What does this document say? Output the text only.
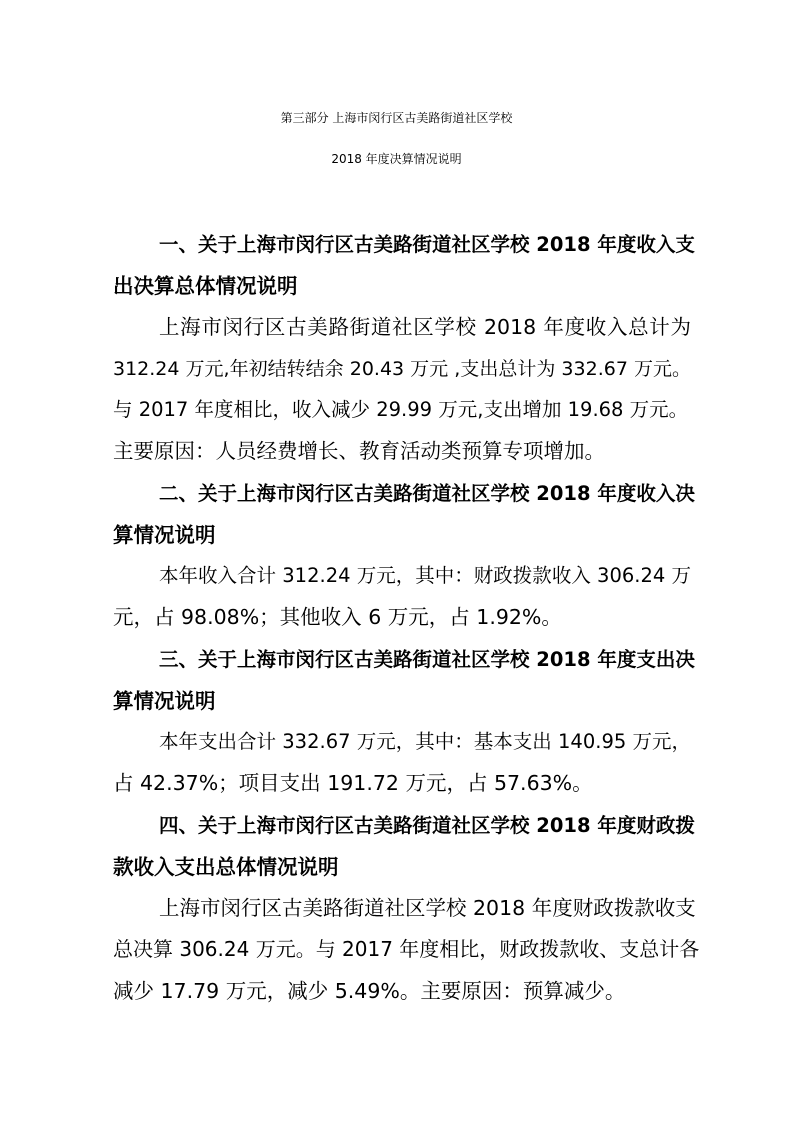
第三部分 上海市闵行区古美路街道社区学校
2018 年度决算情况说明
一、关于上海市闵行区古美路街道社区学校 2018 年度收入支
出决算总体情况说明
上海市闵行区古美路街道社区学校 2018 年度收入总计为
312.24 万元,年初结转结余 20.43 万元 ,支出总计为 332.67 万元。
与 2017 年度相比，收入减少 29.99 万元,支出增加 19.68 万元。
主要原因：人员经费增长、教育活动类预算专项增加。
二、关于上海市闵行区古美路街道社区学校 2018 年度收入决
算情况说明
本年收入合计 312.24 万元，其中：财政拨款收入 306.24 万
元，占 98.08%；其他收入 6 万元，占 1.92%。
三、关于上海市闵行区古美路街道社区学校 2018 年度支出决
算情况说明
本年支出合计 332.67 万元，其中：基本支出 140.95 万元，
占 42.37%；项目支出 191.72 万元，占 57.63%。
四、关于上海市闵行区古美路街道社区学校 2018 年度财政拨
款收入支出总体情况说明
上海市闵行区古美路街道社区学校 2018 年度财政拨款收支
总决算 306.24 万元。与 2017 年度相比，财政拨款收、支总计各
减少 17.79 万元，减少 5.49%。主要原因：预算减少。
